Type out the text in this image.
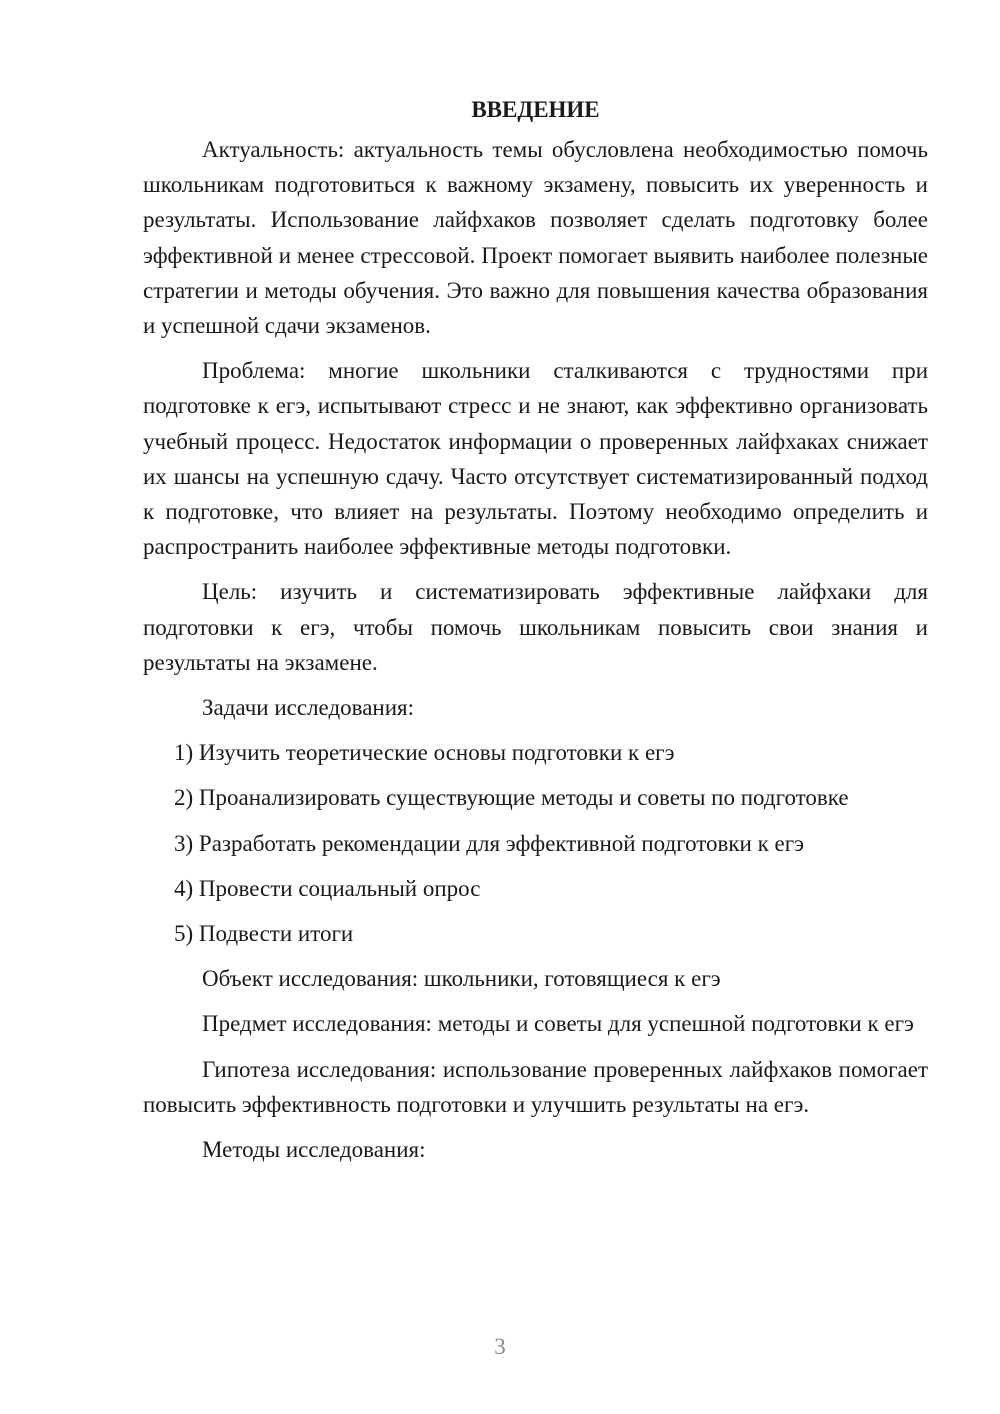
ВВЕДЕНИЕ

Актуальность: актуальность темы обусловлена необходимостью помочь школьникам подготовиться к важному экзамену, повысить их уверенность и результаты. Использование лайфхаков позволяет сделать подготовку более эффективной и менее стрессовой. Проект помогает выявить наиболее полезные стратегии и методы обучения. Это важно для повышения качества образования и успешной сдачи экзаменов.

Проблема: многие школьники сталкиваются с трудностями при подготовке к егэ, испытывают стресс и не знают, как эффективно организовать учебный процесс. Недостаток информации о проверенных лайфхаках снижает их шансы на успешную сдачу. Часто отсутствует систематизированный подход к подготовке, что влияет на результаты. Поэтому необходимо определить и распространить наиболее эффективные методы подготовки.

Цель: изучить и систематизировать эффективные лайфхаки для подготовки к егэ, чтобы помочь школьникам повысить свои знания и результаты на экзамене.

Задачи исследования:

1) Изучить теоретические основы подготовки к егэ

2) Проанализировать существующие методы и советы по подготовке

3) Разработать рекомендации для эффективной подготовки к егэ

4) Провести социальный опрос

5) Подвести итоги

Объект исследования: школьники, готовящиеся к егэ

Предмет исследования: методы и советы для успешной подготовки к егэ

Гипотеза исследования: использование проверенных лайфхаков помогает повысить эффективность подготовки и улучшить результаты на егэ.

Методы исследования:

3
